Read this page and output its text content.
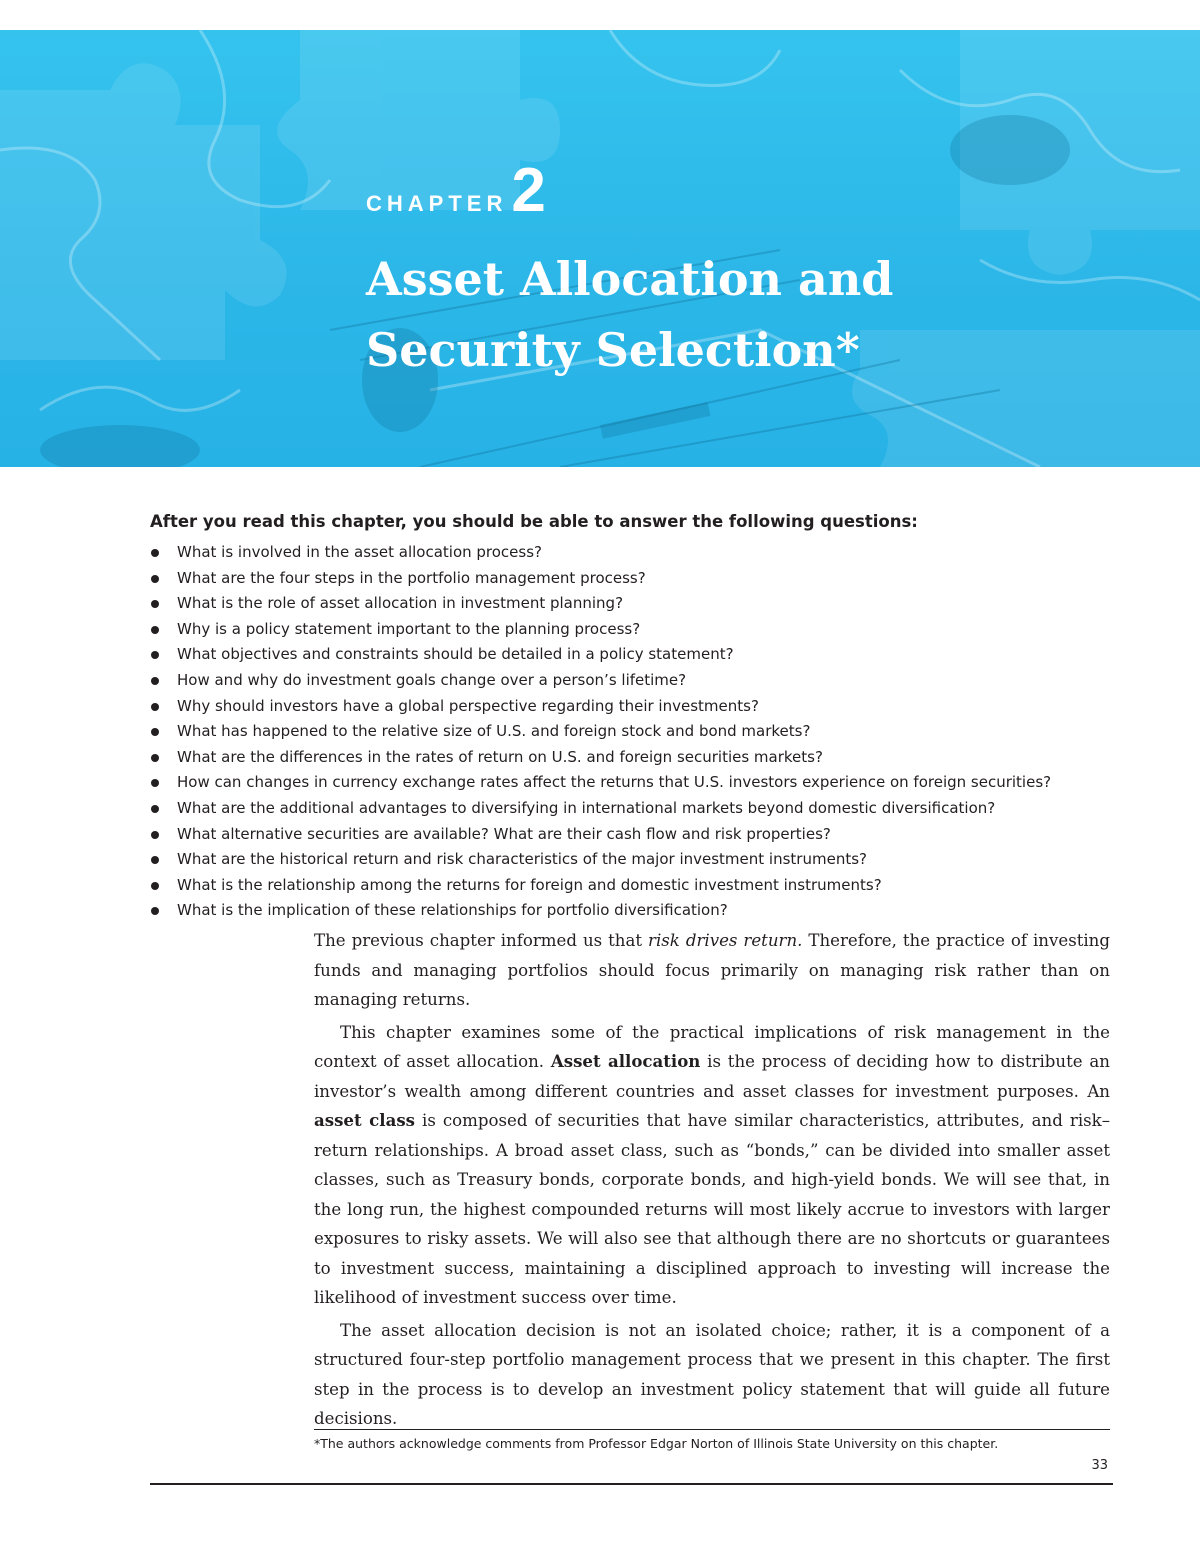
CHAPTER2
Asset Allocation and
Security Selection*

After you read this chapter, you should be able to answer the following questions:

What is involved in the asset allocation process?
What are the four steps in the portfolio management process?
What is the role of asset allocation in investment planning?
Why is a policy statement important to the planning process?
What objectives and constraints should be detailed in a policy statement?
How and why do investment goals change over a person’s lifetime?
Why should investors have a global perspective regarding their investments?
What has happened to the relative size of U.S. and foreign stock and bond markets?
What are the differences in the rates of return on U.S. and foreign securities markets?
How can changes in currency exchange rates affect the returns that U.S. investors experience on foreign securities?
What are the additional advantages to diversifying in international markets beyond domestic diversification?
What alternative securities are available? What are their cash flow and risk properties?
What are the historical return and risk characteristics of the major investment instruments?
What is the relationship among the returns for foreign and domestic investment instruments?
What is the implication of these relationships for portfolio diversification?

The previous chapter informed us that risk drives return. Therefore, the practice of investing funds and managing portfolios should focus primarily on managing risk rather than on managing returns.

This chapter examines some of the practical implications of risk management in the context of asset allocation. Asset allocation is the process of deciding how to distribute an investor’s wealth among different countries and asset classes for investment purposes. An asset class is composed of securities that have similar characteristics, attributes, and risk–return relationships. A broad asset class, such as “bonds,” can be divided into smaller asset classes, such as Treasury bonds, corporate bonds, and high-yield bonds. We will see that, in the long run, the highest compounded returns will most likely accrue to investors with larger exposures to risky assets. We will also see that although there are no shortcuts or guarantees to investment success, maintaining a disciplined approach to investing will increase the likelihood of investment success over time.

The asset allocation decision is not an isolated choice; rather, it is a component of a structured four-step portfolio management process that we present in this chapter. The first step in the process is to develop an investment policy statement that will guide all future decisions.

*The authors acknowledge comments from Professor Edgar Norton of Illinois State University on this chapter.

33
